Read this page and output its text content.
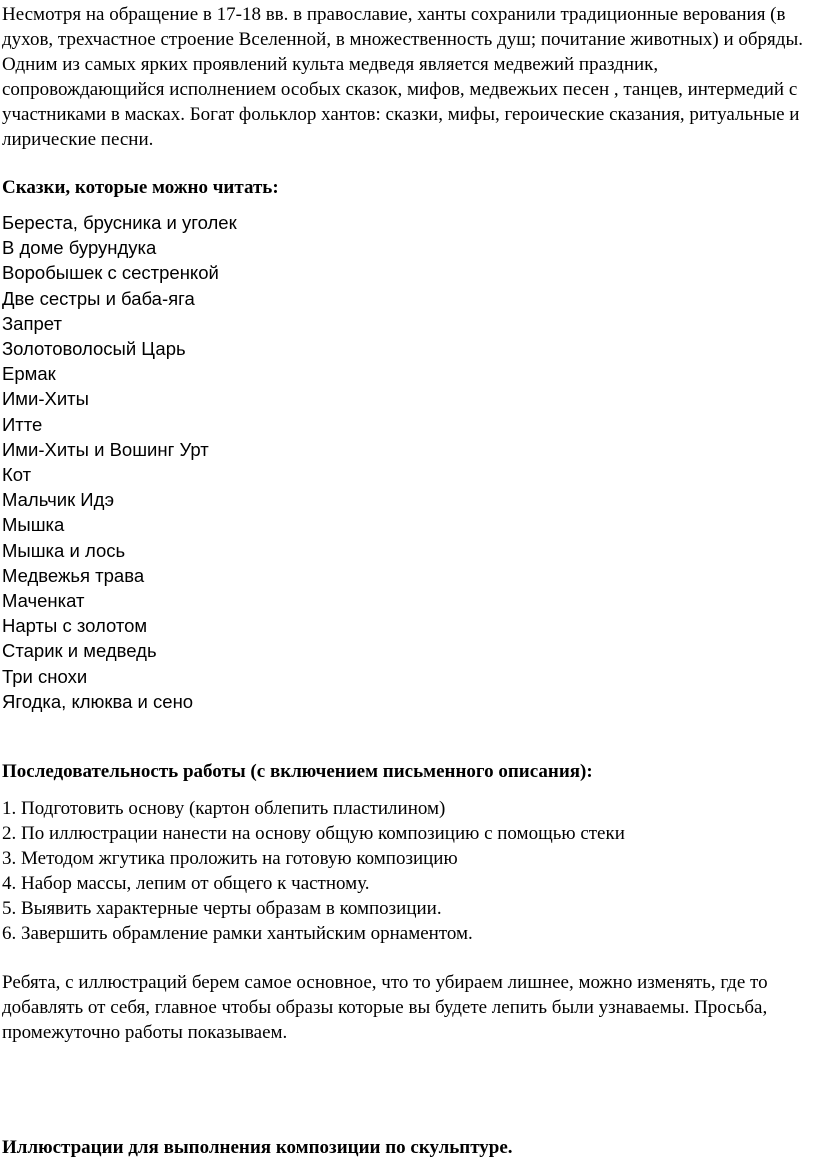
Несмотря на обращение в 17-18 вв. в православие, ханты сохранили традиционные верования (в духов, трехчастное строение Вселенной, в множественность душ; почитание животных) и обряды. Одним из самых ярких проявлений культа медведя является медвежий праздник, сопровождающийся исполнением особых сказок, мифов, медвежьих песен , танцев, интермедий с участниками в масках. Богат фольклор хантов: сказки, мифы, героические сказания, ритуальные и лирические песни.

Сказки, которые можно читать:

Береста, брусника и уголек
В доме бурундука
Воробышек с сестренкой
Две сестры и баба-яга
Запрет
Золотоволосый Царь
Ермак
Ими-Хиты
Итте
Ими-Хиты и Вошинг Урт
Кот
Мальчик Идэ
Мышка
Мышка и лось
Медвежья трава
Маченкат
Нарты с золотом
Старик и медведь
Три снохи
Ягодка, клюква и сено

Последовательность работы (с включением письменного описания):

1. Подготовить основу (картон облепить пластилином)
2. По иллюстрации нанести на основу общую композицию с помощью стеки
3. Методом жгутика проложить на готовую композицию
4. Набор массы, лепим от общего к частному.
5. Выявить характерные черты образам в композиции.
6. Завершить обрамление рамки хантыйским орнаментом.

Ребята, с иллюстраций берем самое основное, что то убираем лишнее, можно изменять, где то добавлять от себя, главное чтобы образы которые вы будете лепить были узнаваемы. Просьба, промежуточно работы показываем.

Иллюстрации для выполнения композиции по скульптуре.
